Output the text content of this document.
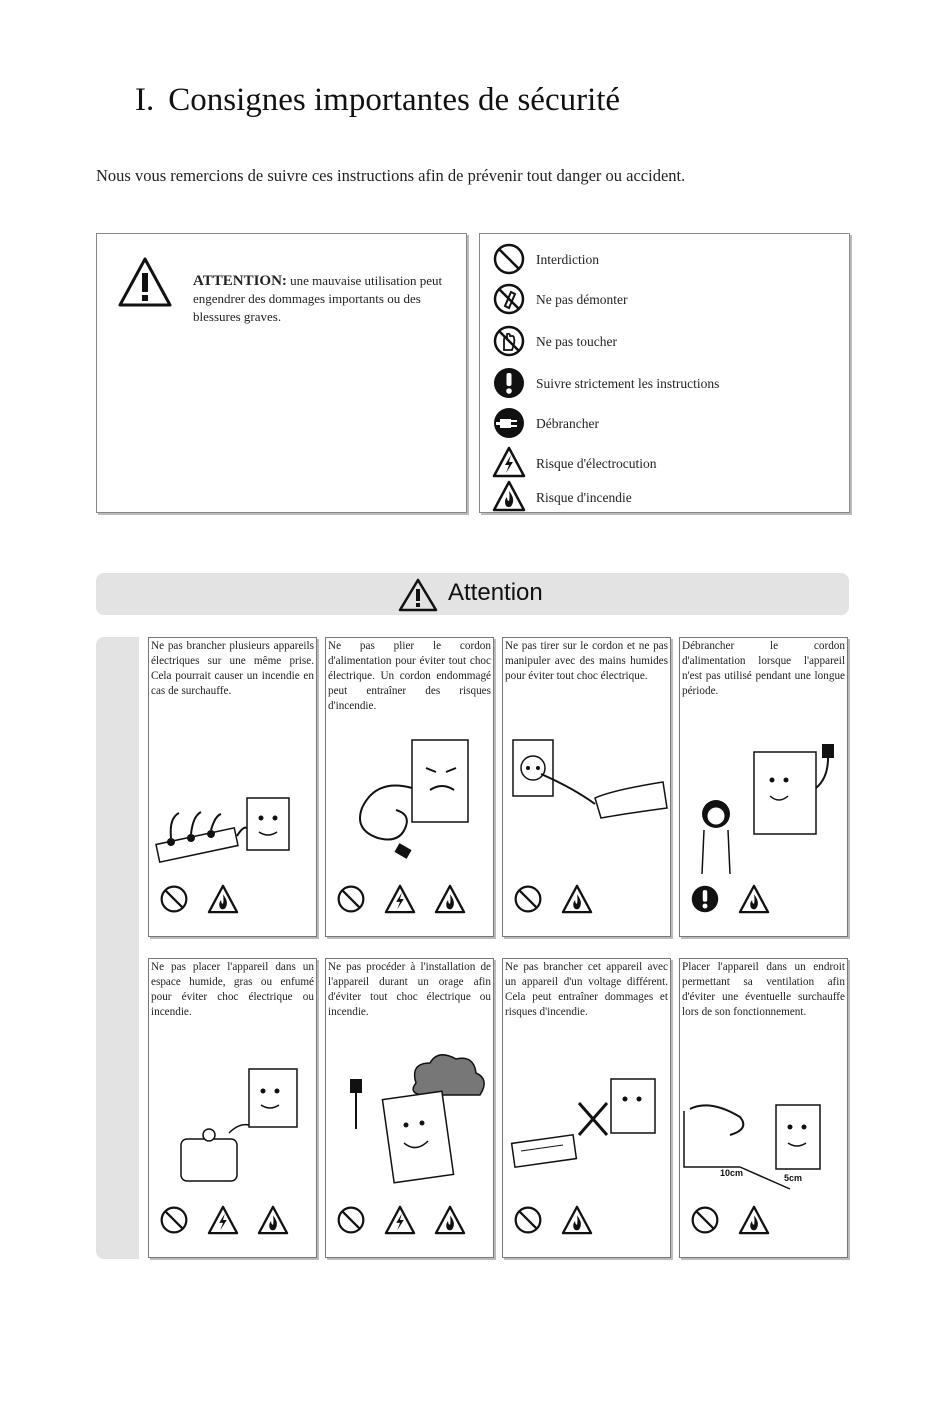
I. Consignes importantes de sécurité

Nous vous remercions de suivre ces instructions afin de prévenir tout danger ou accident.

ATTENTION: une mauvaise utilisation peut engendrer des dommages importants ou des blessures graves.
Interdiction
Ne pas démonter
Ne pas toucher
Suivre strictement les instructions
Débrancher
Risque d'électrocution
Risque d'incendie
Attention
Ne pas brancher plusieurs appareils électriques sur une même prise. Cela pourrait causer un incendie en cas de surchauffe.

Ne pas plier le cordon d'alimentation pour éviter tout choc électrique. Un cordon endommagé peut entraîner des risques d'incendie.

Ne pas tirer sur le cordon et ne pas manipuler avec des mains humides pour éviter tout choc électrique.

Débrancher le cordon d'alimentation lorsque l'appareil n'est pas utilisé pendant une longue période.

Ne pas placer l'appareil dans un espace humide, gras ou enfumé pour éviter choc électrique ou incendie.

Ne pas procéder à l'installation de l'appareil durant un orage afin d'éviter tout choc électrique ou incendie.

Ne pas brancher cet appareil avec un appareil d'un voltage différent. Cela peut entraîner dommages et risques d'incendie.

Placer l'appareil dans un endroit permettant sa ventilation afin d'éviter une éventuelle surchauffe lors de son fonctionnement.
10cm	5cm
